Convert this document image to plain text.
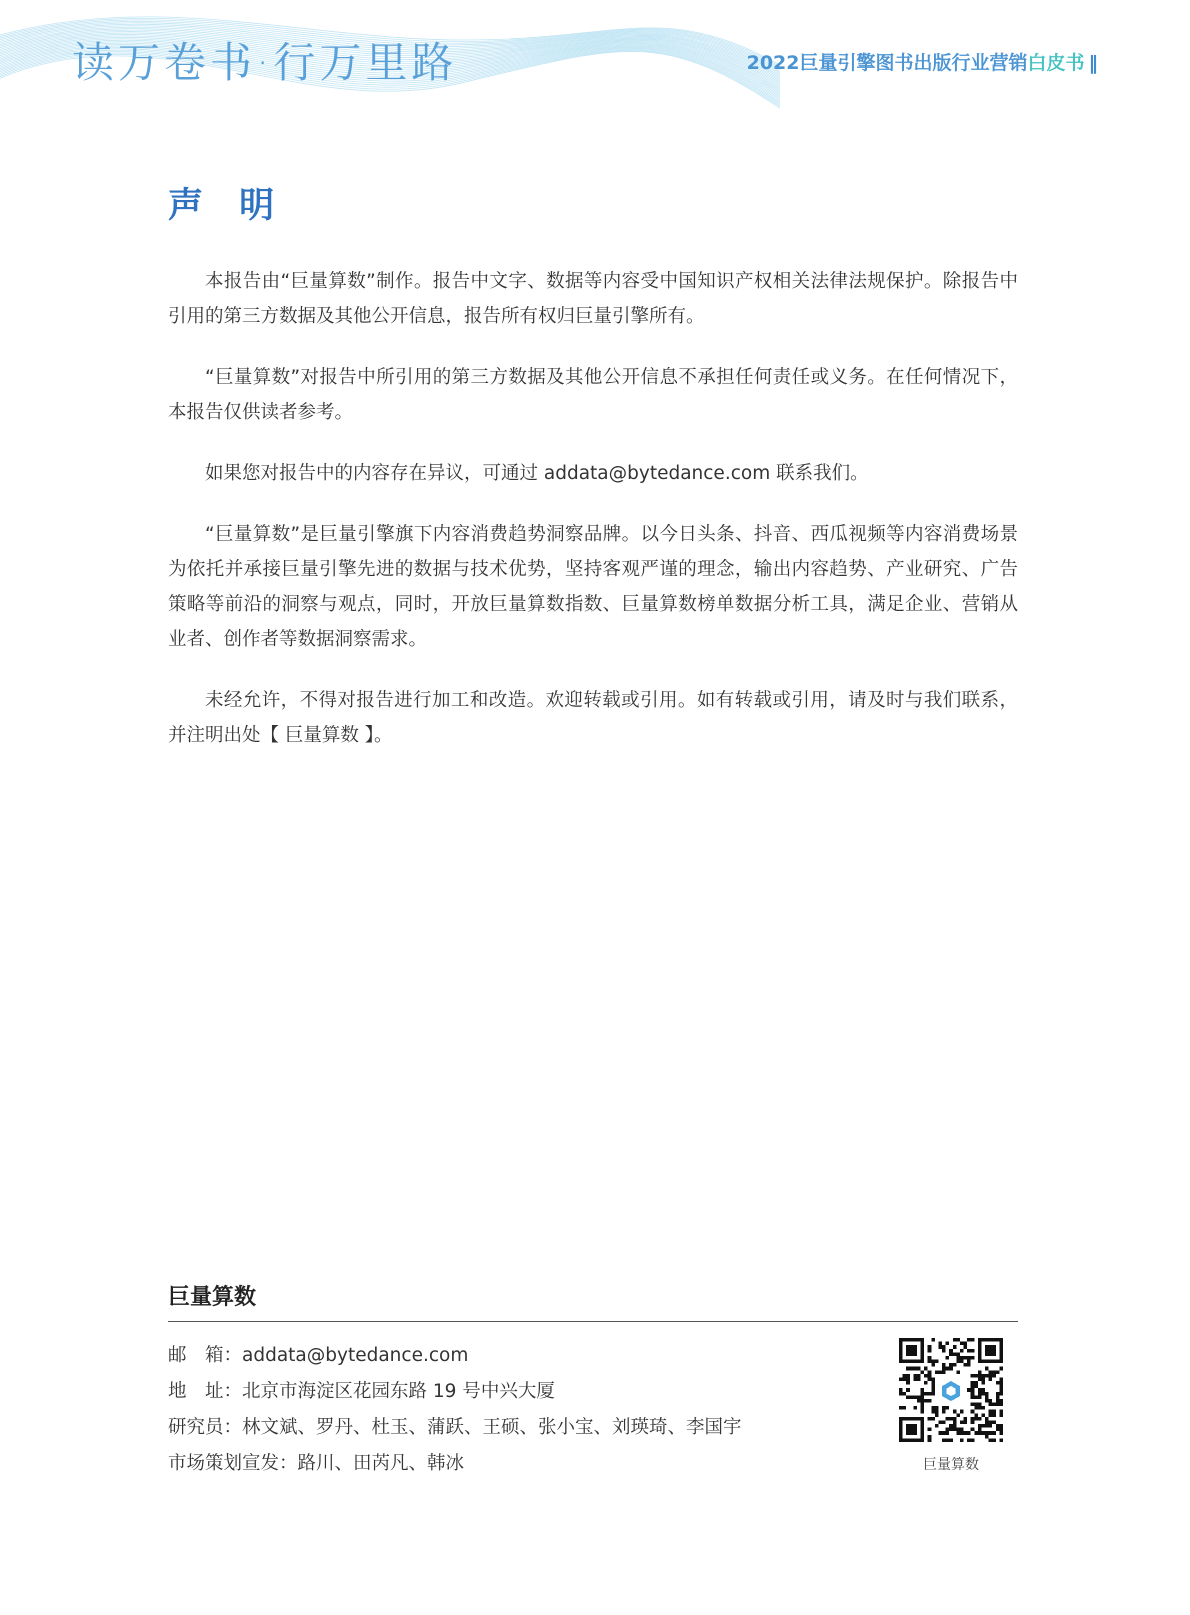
读万卷书·行万里路	2022巨量引擎图书出版行业营销白皮书 ‖
声 明

本报告由“巨量算数”制作。报告中文字、数据等内容受中国知识产权相关法律法规保护。除报告中引用的第三方数据及其他公开信息，报告所有权归巨量引擎所有。

“巨量算数”对报告中所引用的第三方数据及其他公开信息不承担任何责任或义务。在任何情况下，本报告仅供读者参考。

如果您对报告中的内容存在异议，可通过 addata@bytedance.com 联系我们。

“巨量算数”是巨量引擎旗下内容消费趋势洞察品牌。以今日头条、抖音、西瓜视频等内容消费场景为依托并承接巨量引擎先进的数据与技术优势，坚持客观严谨的理念，输出内容趋势、产业研究、广告策略等前沿的洞察与观点，同时，开放巨量算数指数、巨量算数榜单数据分析工具，满足企业、营销从业者、创作者等数据洞察需求。

未经允许，不得对报告进行加工和改造。欢迎转载或引用。如有转载或引用，请及时与我们联系，并注明出处【 巨量算数 】。

巨量算数
邮　箱：addata@bytedance.com
地　址：北京市海淀区花园东路 19 号中兴大厦
研究员：林文斌、罗丹、杜玉、蒲跃、王硕、张小宝、刘瑛琦、李国宇
市场策划宣发：路川、田芮凡、韩冰	巨量算数
